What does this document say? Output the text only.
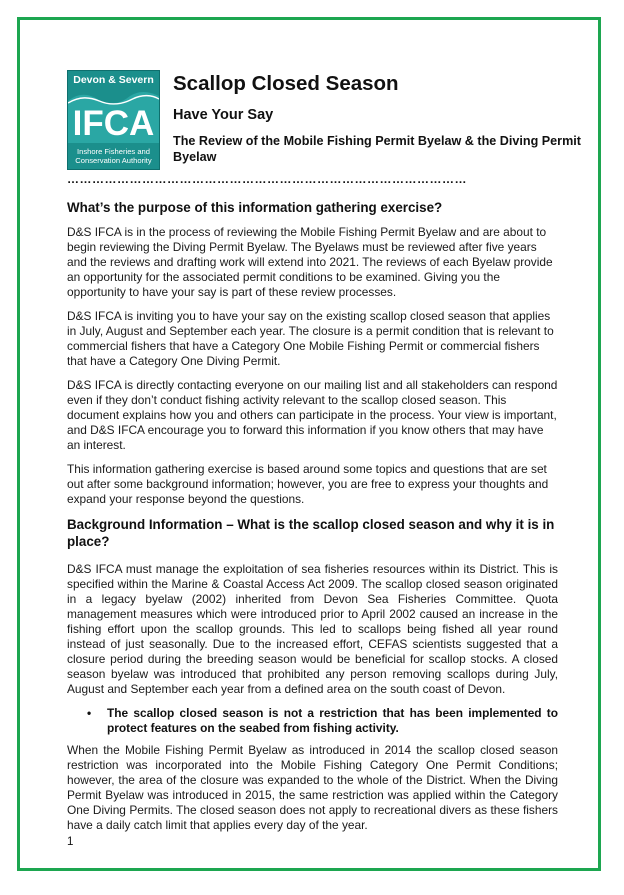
Devon & Severn
IFCA
Inshore Fisheries and
Conservation Authority
Scallop Closed Season
Have Your Say
The Review of the Mobile Fishing Permit Byelaw & the Diving Permit Byelaw
……………………………………………………………………………………

What’s the purpose of this information gathering exercise?

D&S IFCA is in the process of reviewing the Mobile Fishing Permit Byelaw and are about to begin reviewing the Diving Permit Byelaw. The Byelaws must be reviewed after five years and the reviews and drafting work will extend into 2021. The reviews of each Byelaw provide an opportunity for the associated permit conditions to be examined. Giving you the opportunity to have your say is part of these review processes.

D&S IFCA is inviting you to have your say on the existing scallop closed season that applies in July, August and September each year. The closure is a permit condition that is relevant to commercial fishers that have a Category One Mobile Fishing Permit or commercial fishers that have a Category One Diving Permit.

D&S IFCA is directly contacting everyone on our mailing list and all stakeholders can respond even if they don’t conduct fishing activity relevant to the scallop closed season. This document explains how you and others can participate in the process. Your view is important, and D&S IFCA encourage you to forward this information if you know others that may have an interest.

This information gathering exercise is based around some topics and questions that are set out after some background information; however, you are free to express your thoughts and expand your response beyond the questions.

Background Information – What is the scallop closed season and why it is in place?

D&S IFCA must manage the exploitation of sea fisheries resources within its District. This is specified within the Marine & Coastal Access Act 2009. The scallop closed season originated in a legacy byelaw (2002) inherited from Devon Sea Fisheries Committee. Quota management measures which were introduced prior to April 2002 caused an increase in the fishing effort upon the scallop grounds. This led to scallops being fished all year round instead of just seasonally. Due to the increased effort, CEFAS scientists suggested that a closure period during the breeding season would be beneficial for scallop stocks. A closed season byelaw was introduced that prohibited any person removing scallops during July, August and September each year from a defined area on the south coast of Devon.

• The scallop closed season is not a restriction that has been implemented to protect features on the seabed from fishing activity.

When the Mobile Fishing Permit Byelaw as introduced in 2014 the scallop closed season restriction was incorporated into the Mobile Fishing Category One Permit Conditions; however, the area of the closure was expanded to the whole of the District. When the Diving Permit Byelaw was introduced in 2015, the same restriction was applied within the Category One Diving Permits. The closed season does not apply to recreational divers as these fishers have a daily catch limit that applies every day of the year.

1
